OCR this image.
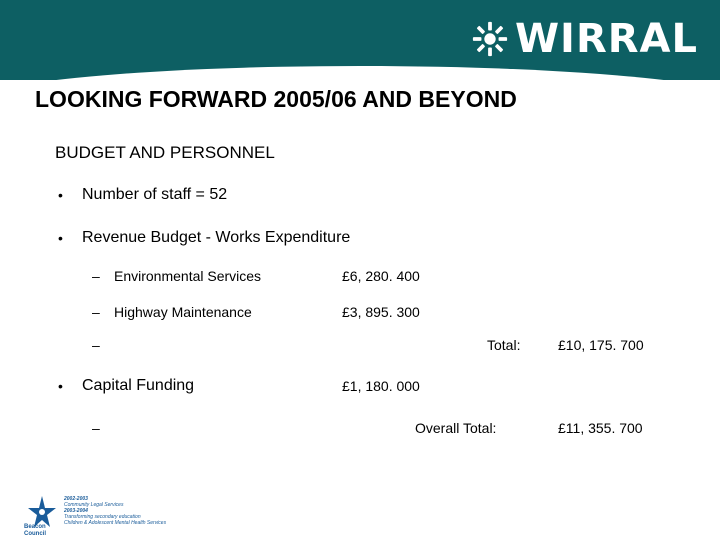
WIRRAL
LOOKING FORWARD 2005/06 AND BEYOND
BUDGET AND PERSONNEL
• Number of staff = 52
• Revenue Budget - Works Expenditure
– Environmental Services	£6, 280. 400
– Highway Maintenance	£3, 895. 300
–	Total:	£10, 175. 700
• Capital Funding	£1, 180. 000
–	Overall Total:	£11, 355. 700
Beacon
Council
2002-2003
Community Legal Services
2003-2004
Transforming secondary education
Children & Adolescent Mental Health Services
